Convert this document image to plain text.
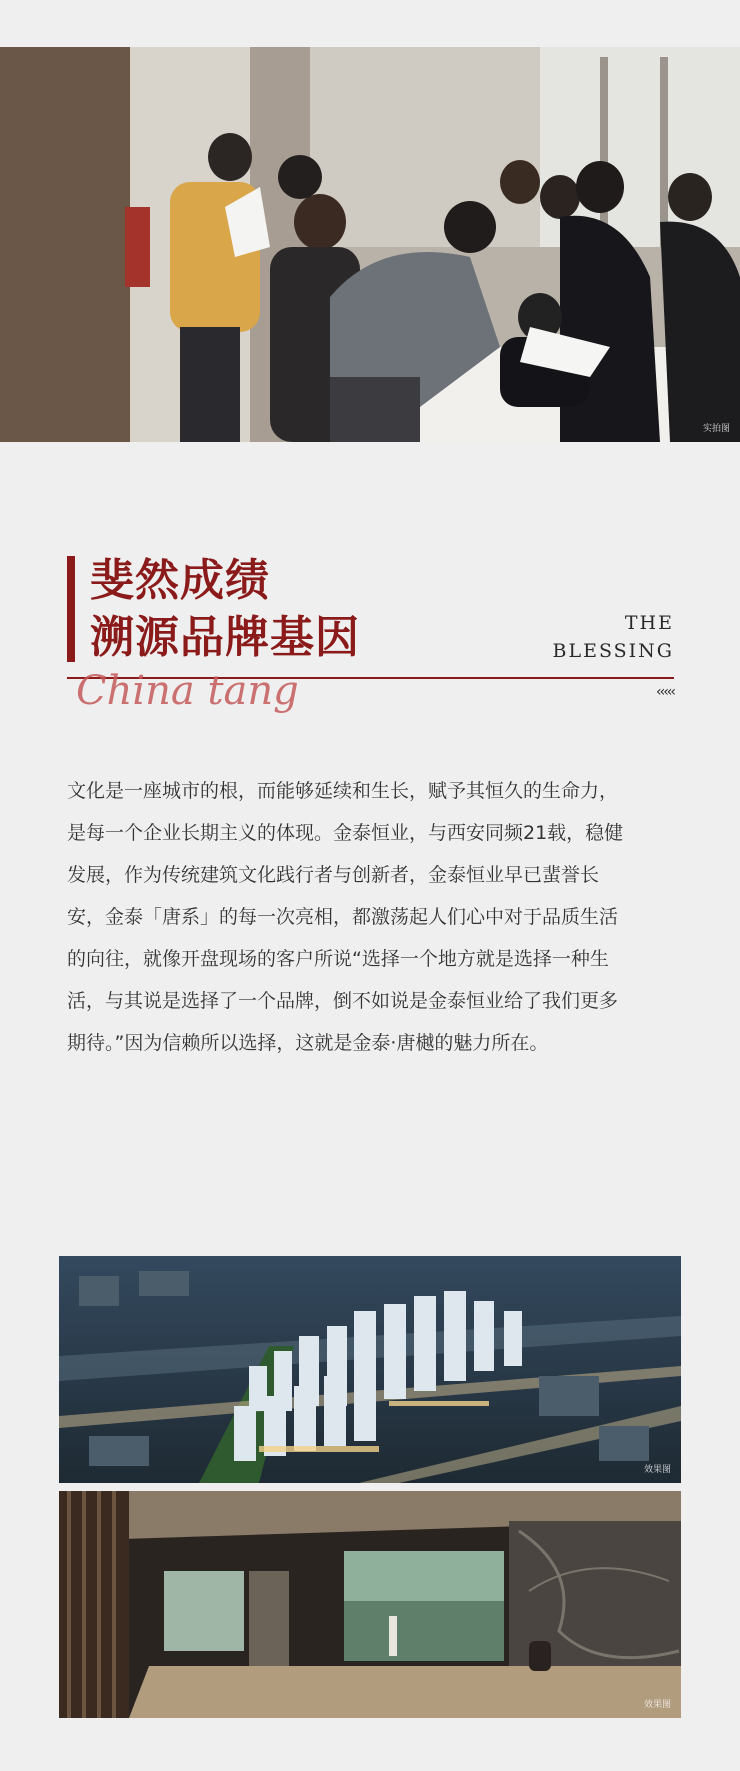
实拍图
斐然成绩
溯源品牌基因	THE
BLESSING
China tang	‹‹‹‹‹
文化是一座城市的根，而能够延续和生长，赋予其恒久的生命力，
是每一个企业长期主义的体现。金泰恒业，与西安同频21载，稳健
发展，作为传统建筑文化践行者与创新者，金泰恒业早已蜚誉长
安，金泰「唐系」的每一次亮相，都激荡起人们心中对于品质生活
的向往，就像开盘现场的客户所说“选择一个地方就是选择一种生
活，与其说是选择了一个品牌，倒不如说是金泰恒业给了我们更多
期待。”因为信赖所以选择，这就是金泰·唐樾的魅力所在。
效果图
效果图
